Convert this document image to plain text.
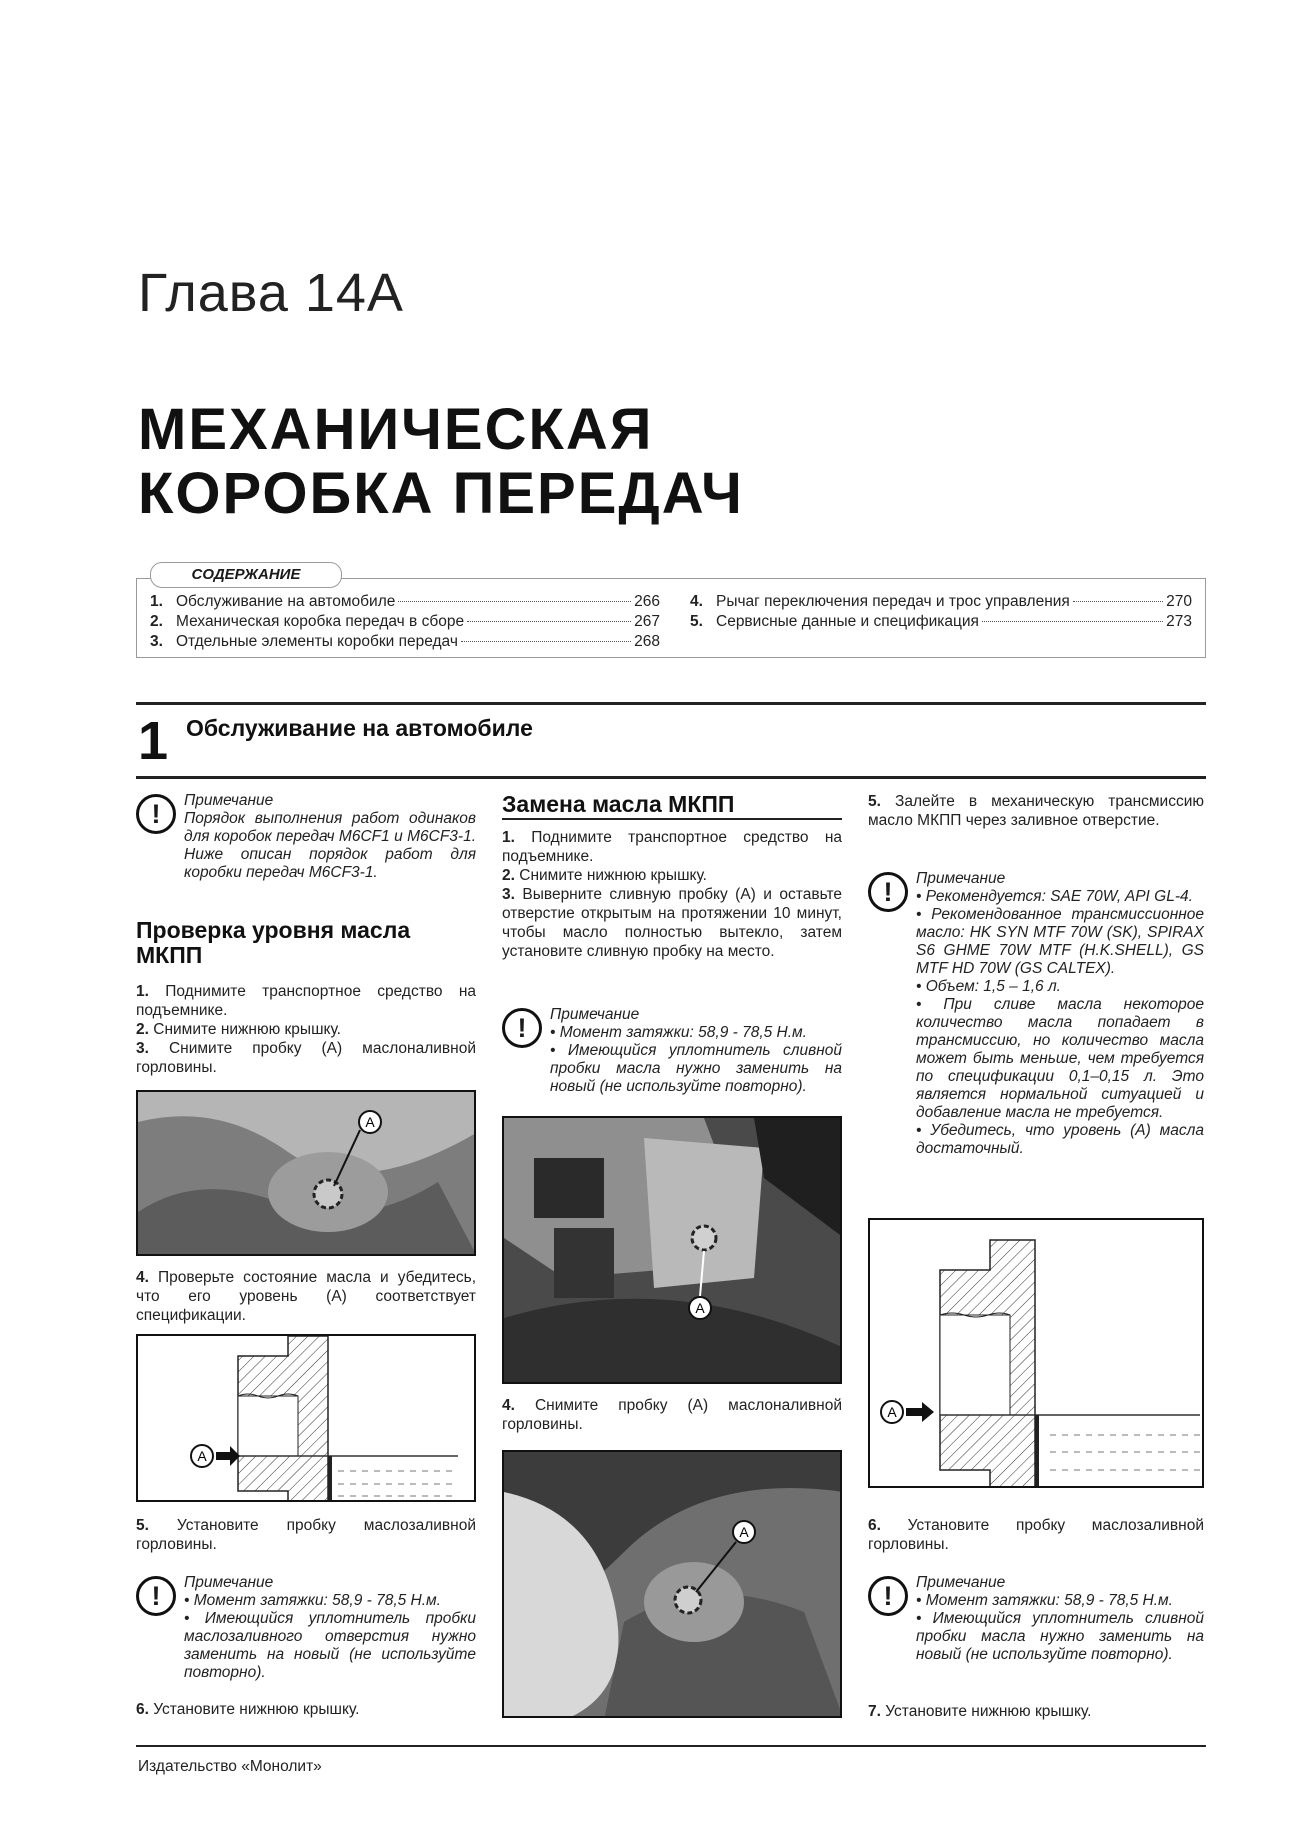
Глава 14A
МЕХАНИЧЕСКАЯ
КОРОБКА ПЕРЕДАЧ
СОДЕРЖАНИЕ
1. Обслуживание на автомобиле	266
2. Механическая коробка передач в сборе	267
3. Отдельные элементы коробки передач	268
4. Рычаг переключения передач и трос управления	270
5. Сервисные данные и спецификация	273
1 Обслуживание на автомобиле
!	Примечание
Порядок выполнения работ одинаков для коробок передач M6CF1 и M6CF3-1. Ниже описан порядок работ для коробки передач M6CF3-1.
Проверка уровня масла МКПП
1. Поднимите транспортное средство на подъемнике.
2. Снимите нижнюю крышку.
3. Снимите пробку (A) маслоналивной горловины.
A
4. Проверьте состояние масла и убедитесь, что его уровень (A) соответствует спецификации.
A
5. Установите пробку маслозаливной горловины.
!	Примечание
• Момент затяжки: 58,9 - 78,5 Н.м.
• Имеющийся уплотнитель пробки маслозаливного отверстия нужно заменить на новый (не используйте повторно).
6. Установите нижнюю крышку.
Замена масла МКПП
1. Поднимите транспортное средство на подъемнике.
2. Снимите нижнюю крышку.
3. Выверните сливную пробку (A) и оставьте отверстие открытым на протяжении 10 минут, чтобы масло полностью вытекло, затем установите сливную пробку на место.
!	Примечание
• Момент затяжки: 58,9 - 78,5 Н.м.
• Имеющийся уплотнитель сливной пробки масла нужно заменить на новый (не используйте повторно).
A
4. Снимите пробку (A) маслоналивной горловины.
A
5. Залейте в механическую трансмиссию масло МКПП через заливное отверстие.
!	Примечание
• Рекомендуется: SAE 70W, API GL-4.
• Рекомендованное трансмиссионное масло: HK SYN MTF 70W (SK), SPIRAX S6 GHME 70W MTF (H.K.SHELL), GS MTF HD 70W (GS CALTEX).
• Объем: 1,5 – 1,6 л.
• При сливе масла некоторое количество масла попадает в трансмиссию, но количество масла может быть меньше, чем требуется по спецификации 0,1–0,15 л. Это является нормальной ситуацией и добавление масла не требуется.
• Убедитесь, что уровень (A) масла достаточный.
A
6. Установите пробку маслозаливной горловины.
!	Примечание
• Момент затяжки: 58,9 - 78,5 Н.м.
• Имеющийся уплотнитель сливной пробки масла нужно заменить на новый (не используйте повторно).
7. Установите нижнюю крышку.
Издательство «Монолит»
